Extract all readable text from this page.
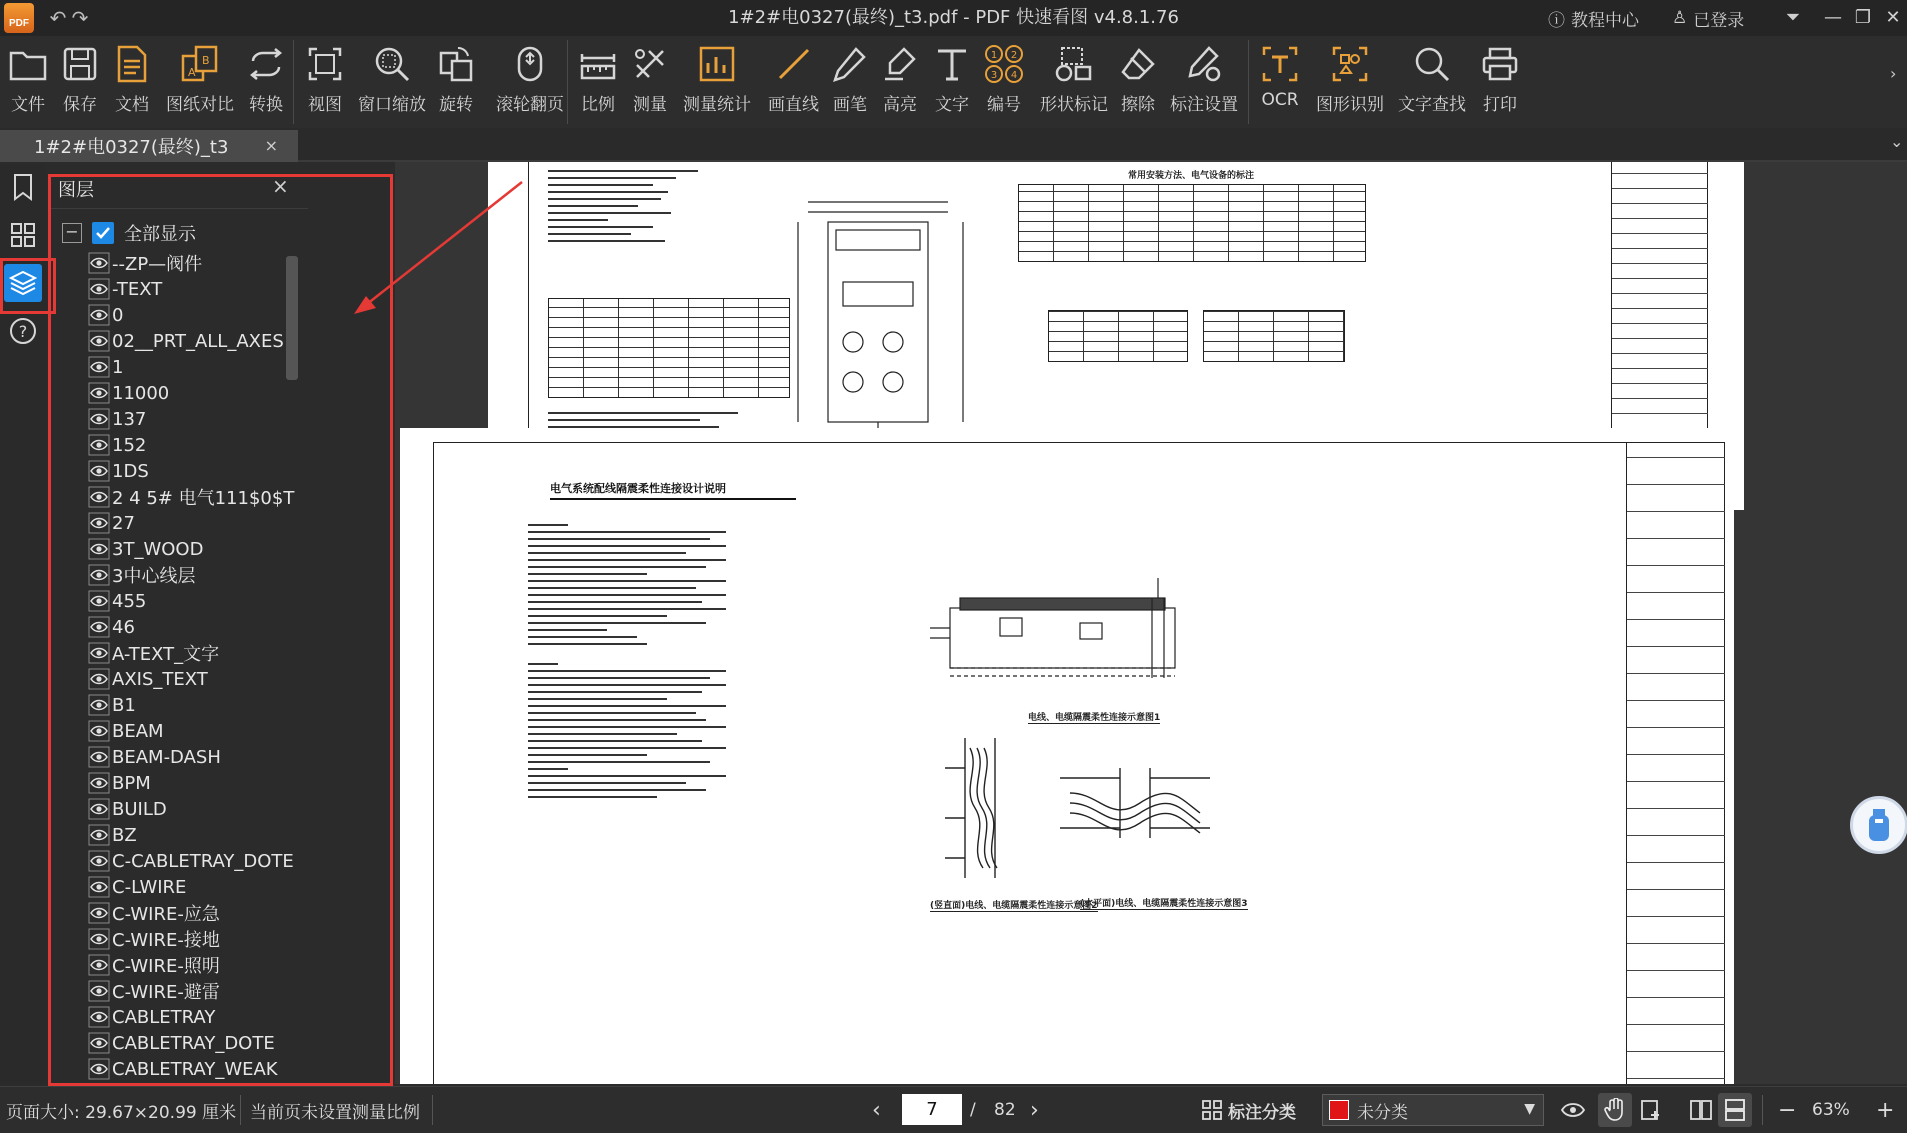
PDF ↶ ↷	1#2#电0327(最终)_t3.pdf - PDF 快速看图 v4.8.1.76	ⓘ 教程中心 ♙ 已登录	⏷	— ❐ ✕
文件 保存 文档
B
A
图纸对比 转换 视图 窗口缩放 旋转 滚轮翻页 比例 测量 测量统计 画直线 画笔 高亮 文字
1 2
3 4
编号 形状标记 擦除 标注设置 OCR 图形识别 文字查找 打印
›
1#2#电0327(最终)_t3 ×	⌄
?
图层	×
−	全部显示
--ZP—阀件
-TEXT
0
02__PRT_ALL_AXES
1
11000
137
152
1DS
2 4 5# 电气111$0$T
27
3T_WOOD
3中心线层
455
46
A-TEXT_文字
AXIS_TEXT
B1
BEAM
BEAM-DASH
BPM
BUILD
BZ
C-CABLETRAY_DOTE
C-LWIRE
C-WIRE-应急
C-WIRE-接地
C-WIRE-照明
C-WIRE-避雷
CABLETRAY
CABLETRAY_DOTE
CABLETRAY_WEAK
常用安装方法、电气设备的标注
电气系统配线隔震柔性连接设计说明
电线、电缆隔震柔性连接示意图1
(竖直面)电线、电缆隔震柔性连接示意图2
(水平面)电线、电缆隔震柔性连接示意图3
页面大小: 29.67×20.99 厘米 当前页未设置测量比例	‹	7	/ 82 ›	标注分类	未分类	▼	− 63% +
